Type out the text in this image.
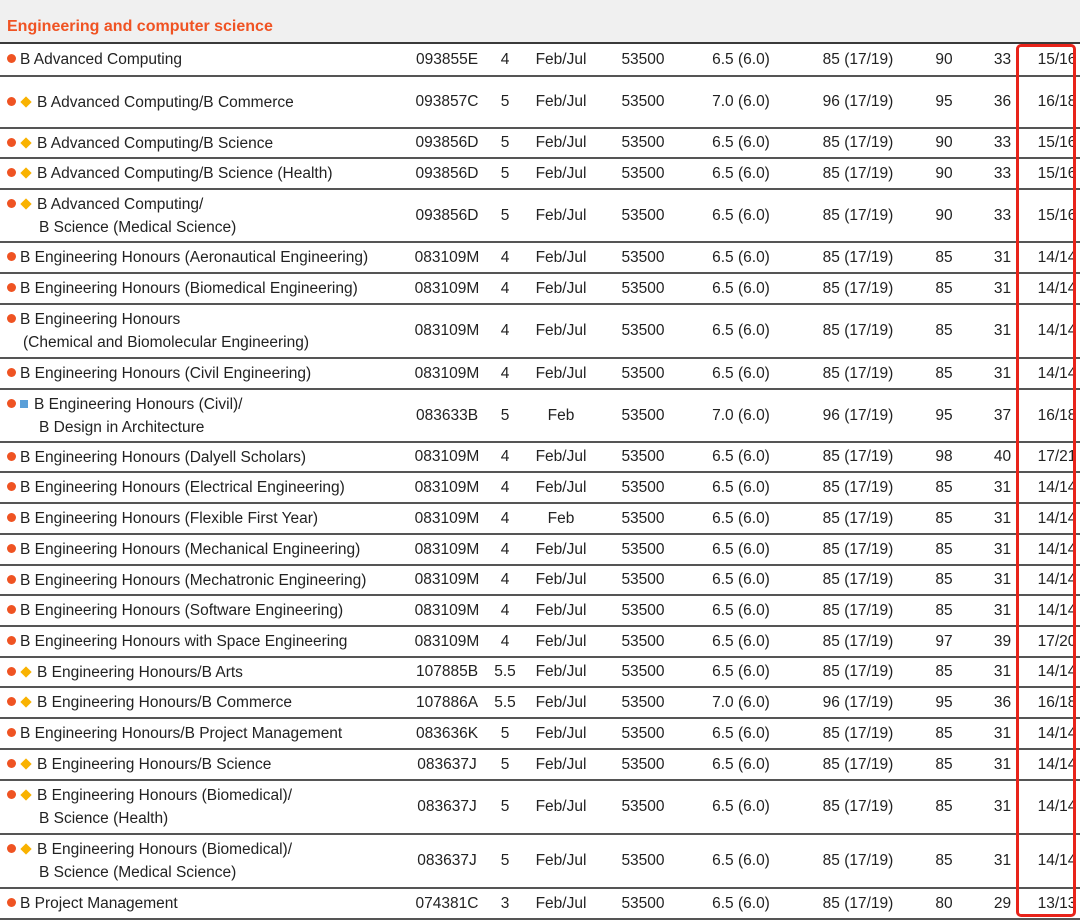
Engineering and computer science
B Advanced Computing	093855E	4	Feb/Jul	53500	6.5 (6.0)	85 (17/19)	90	33	15/16

B Advanced Computing/B Commerce	093857C	5	Feb/Jul	53500	7.0 (6.0)	96 (17/19)	95	36	16/18

B Advanced Computing/B Science	093856D	5	Feb/Jul	53500	6.5 (6.0)	85 (17/19)	90	33	15/16

B Advanced Computing/B Science (Health)	093856D	5	Feb/Jul	53500	6.5 (6.0)	85 (17/19)	90	33	15/16

B Advanced Computing/
B Science (Medical Science)	093856D	5	Feb/Jul	53500	6.5 (6.0)	85 (17/19)	90	33	15/16

B Engineering Honours (Aeronautical Engineering)	083109M	4	Feb/Jul	53500	6.5 (6.0)	85 (17/19)	85	31	14/14

B Engineering Honours (Biomedical Engineering)	083109M	4	Feb/Jul	53500	6.5 (6.0)	85 (17/19)	85	31	14/14

B Engineering Honours
(Chemical and Biomolecular Engineering)	083109M	4	Feb/Jul	53500	6.5 (6.0)	85 (17/19)	85	31	14/14

B Engineering Honours (Civil Engineering)	083109M	4	Feb/Jul	53500	6.5 (6.0)	85 (17/19)	85	31	14/14

B Engineering Honours (Civil)/
B Design in Architecture	083633B	5	Feb	53500	7.0 (6.0)	96 (17/19)	95	37	16/18

B Engineering Honours (Dalyell Scholars)	083109M	4	Feb/Jul	53500	6.5 (6.0)	85 (17/19)	98	40	17/21

B Engineering Honours (Electrical Engineering)	083109M	4	Feb/Jul	53500	6.5 (6.0)	85 (17/19)	85	31	14/14

B Engineering Honours (Flexible First Year)	083109M	4	Feb	53500	6.5 (6.0)	85 (17/19)	85	31	14/14

B Engineering Honours (Mechanical Engineering)	083109M	4	Feb/Jul	53500	6.5 (6.0)	85 (17/19)	85	31	14/14

B Engineering Honours (Mechatronic Engineering)	083109M	4	Feb/Jul	53500	6.5 (6.0)	85 (17/19)	85	31	14/14

B Engineering Honours (Software Engineering)	083109M	4	Feb/Jul	53500	6.5 (6.0)	85 (17/19)	85	31	14/14

B Engineering Honours with Space Engineering	083109M	4	Feb/Jul	53500	6.5 (6.0)	85 (17/19)	97	39	17/20

B Engineering Honours/B Arts	107885B	5.5	Feb/Jul	53500	6.5 (6.0)	85 (17/19)	85	31	14/14

B Engineering Honours/B Commerce	107886A	5.5	Feb/Jul	53500	7.0 (6.0)	96 (17/19)	95	36	16/18

B Engineering Honours/B Project Management	083636K	5	Feb/Jul	53500	6.5 (6.0)	85 (17/19)	85	31	14/14

B Engineering Honours/B Science	083637J	5	Feb/Jul	53500	6.5 (6.0)	85 (17/19)	85	31	14/14

B Engineering Honours (Biomedical)/
B Science (Health)	083637J	5	Feb/Jul	53500	6.5 (6.0)	85 (17/19)	85	31	14/14

B Engineering Honours (Biomedical)/
B Science (Medical Science)	083637J	5	Feb/Jul	53500	6.5 (6.0)	85 (17/19)	85	31	14/14

B Project Management	074381C	3	Feb/Jul	53500	6.5 (6.0)	85 (17/19)	80	29	13/13
